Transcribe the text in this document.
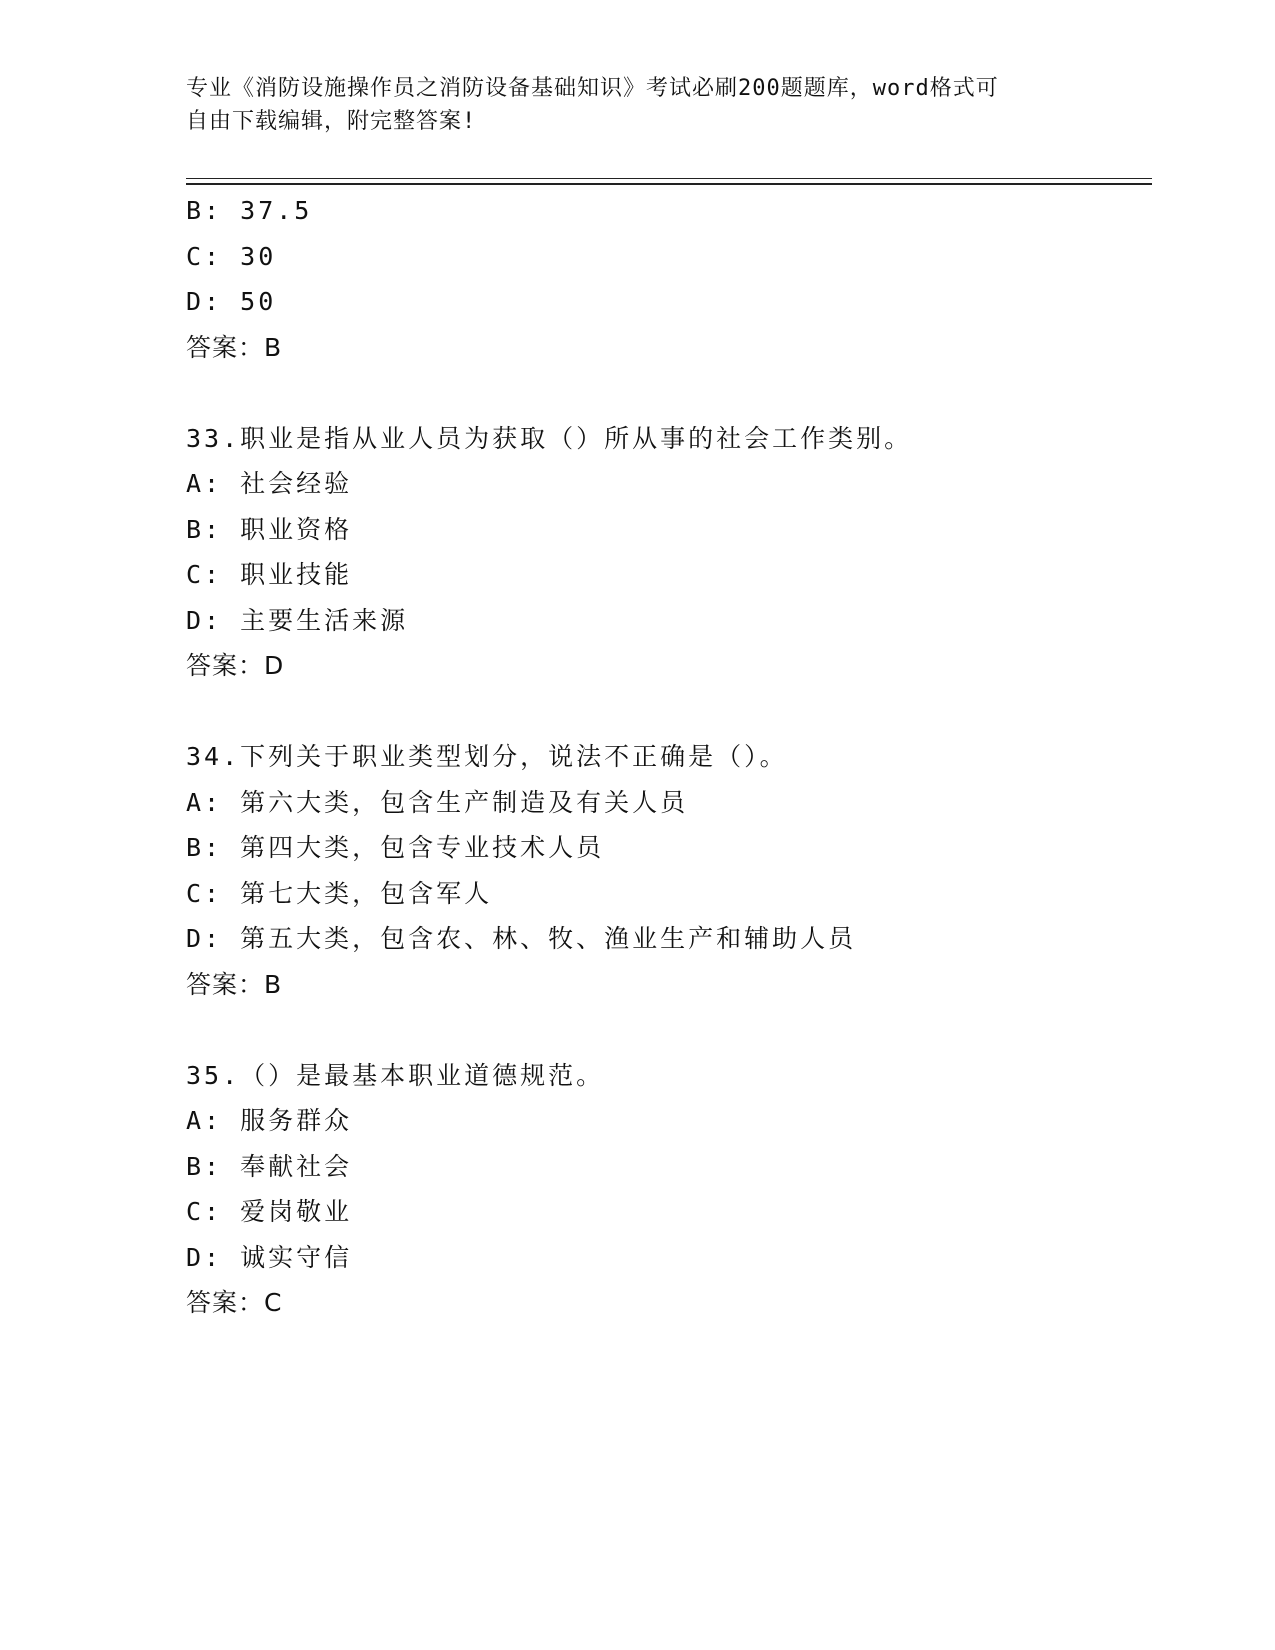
专业《消防设施操作员之消防设备基础知识》考试必刷200题题库，word格式可
自由下载编辑，附完整答案!
B: 37.5
C: 30
D: 50
答案：B
33.职业是指从业人员为获取（）所从事的社会工作类别。
A: 社会经验
B: 职业资格
C: 职业技能
D: 主要生活来源
答案：D
34.下列关于职业类型划分，说法不正确是（）。
A: 第六大类，包含生产制造及有关人员
B: 第四大类，包含专业技术人员
C: 第七大类，包含军人
D: 第五大类，包含农、林、牧、渔业生产和辅助人员
答案：B
35.（）是最基本职业道德规范。
A: 服务群众
B: 奉献社会
C: 爱岗敬业
D: 诚实守信
答案：C
